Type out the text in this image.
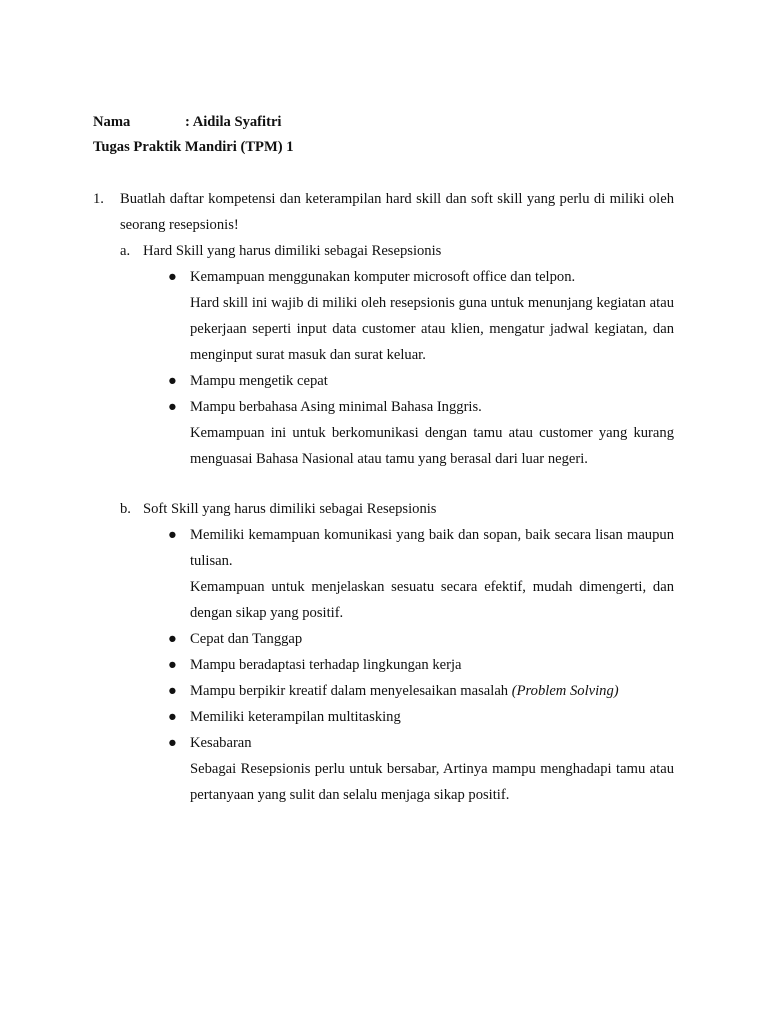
Nama	: Aidila Syafitri
Tugas Praktik Mandiri (TPM) 1
1. Buatlah daftar kompetensi dan keterampilan hard skill dan soft skill yang perlu di miliki oleh seorang resepsionis!
a. Hard Skill yang harus dimiliki sebagai Resepsionis
● Kemampuan menggunakan komputer microsoft office dan telpon.
Hard skill ini wajib di miliki oleh resepsionis guna untuk menunjang kegiatan atau pekerjaan seperti input data customer atau klien, mengatur jadwal kegiatan, dan menginput surat masuk dan surat keluar.
● Mampu mengetik cepat
● Mampu berbahasa Asing minimal Bahasa Inggris.
Kemampuan ini untuk berkomunikasi dengan tamu atau customer yang kurang menguasai Bahasa Nasional atau tamu yang berasal dari luar negeri.
b. Soft Skill yang harus dimiliki sebagai Resepsionis
● Memiliki kemampuan komunikasi yang baik dan sopan, baik secara lisan maupun tulisan.
Kemampuan untuk menjelaskan sesuatu secara efektif, mudah dimengerti, dan dengan sikap yang positif.
● Cepat dan Tanggap
● Mampu beradaptasi terhadap lingkungan kerja
● Mampu berpikir kreatif dalam menyelesaikan masalah (Problem Solving)
● Memiliki keterampilan multitasking
● Kesabaran
Sebagai Resepsionis perlu untuk bersabar, Artinya mampu menghadapi tamu atau pertanyaan yang sulit dan selalu menjaga sikap positif.
